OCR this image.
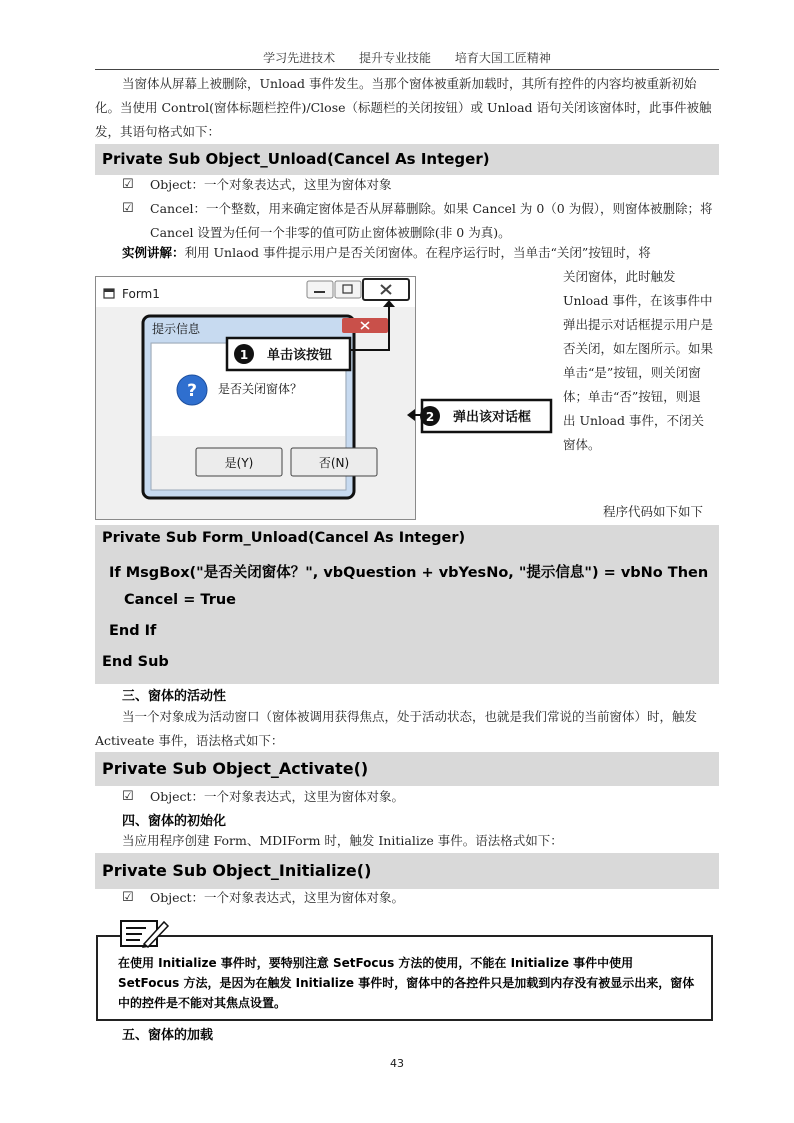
学习先进技术 提升专业技能 培育大国工匠精神
当窗体从屏幕上被删除，Unload 事件发生。当那个窗体被重新加载时，其所有控件的内容均被重新初始化。当使用 Control(窗体标题栏控件)/Close（标题栏的关闭按钮）或 Unload 语句关闭该窗体时，此事件被触发，其语句格式如下：
Private Sub Object_Unload(Cancel As Integer)
☑ Object：一个对象表达式，这里为窗体对象
☑ Cancel：一个整数，用来确定窗体是否从屏幕删除。如果 Cancel 为 0（0 为假），则窗体被删除；将 Cancel 设置为任何一个非零的值可防止窗体被删除(非 0 为真)。
实例讲解：利用 Unlaod 事件提示用户是否关闭窗体。在程序运行时，当单击“关闭”按钮时，将
Form1
提示信息
? 是否关闭窗体？
是(Y)	否(N)
1 单击该按钮
2 弹出该对话框
关闭窗体，此时触发 Unload 事件，在该事件中弹出提示对话框提示用户是否关闭，如左图所示。如果单击“是”按钮，则关闭窗体；单击“否”按钮，则退出 Unload 事件，不闭关窗体。
程序代码如下如下
Private Sub Form_Unload(Cancel As Integer)
If MsgBox("是否关闭窗体？", vbQuestion + vbYesNo, "提示信息") = vbNo Then
Cancel = True
End If
End Sub
三、窗体的活动性
当一个对象成为活动窗口（窗体被调用获得焦点，处于活动状态，也就是我们常说的当前窗体）时，触发 Activeate 事件，语法格式如下：
Private Sub Object_Activate()
☑ Object：一个对象表达式，这里为窗体对象。
四、窗体的初始化
当应用程序创建 Form、MDIForm 时，触发 Initialize 事件。语法格式如下：
Private Sub Object_Initialize()
☑ Object：一个对象表达式，这里为窗体对象。
在使用 Initialize 事件时，要特别注意 SetFocus 方法的使用，不能在 Initialize 事件中使用 SetFocus 方法，是因为在触发 Initialize 事件时，窗体中的各控件只是加载到内存没有被显示出来，窗体中的控件是不能对其焦点设置。
五、窗体的加载
43
